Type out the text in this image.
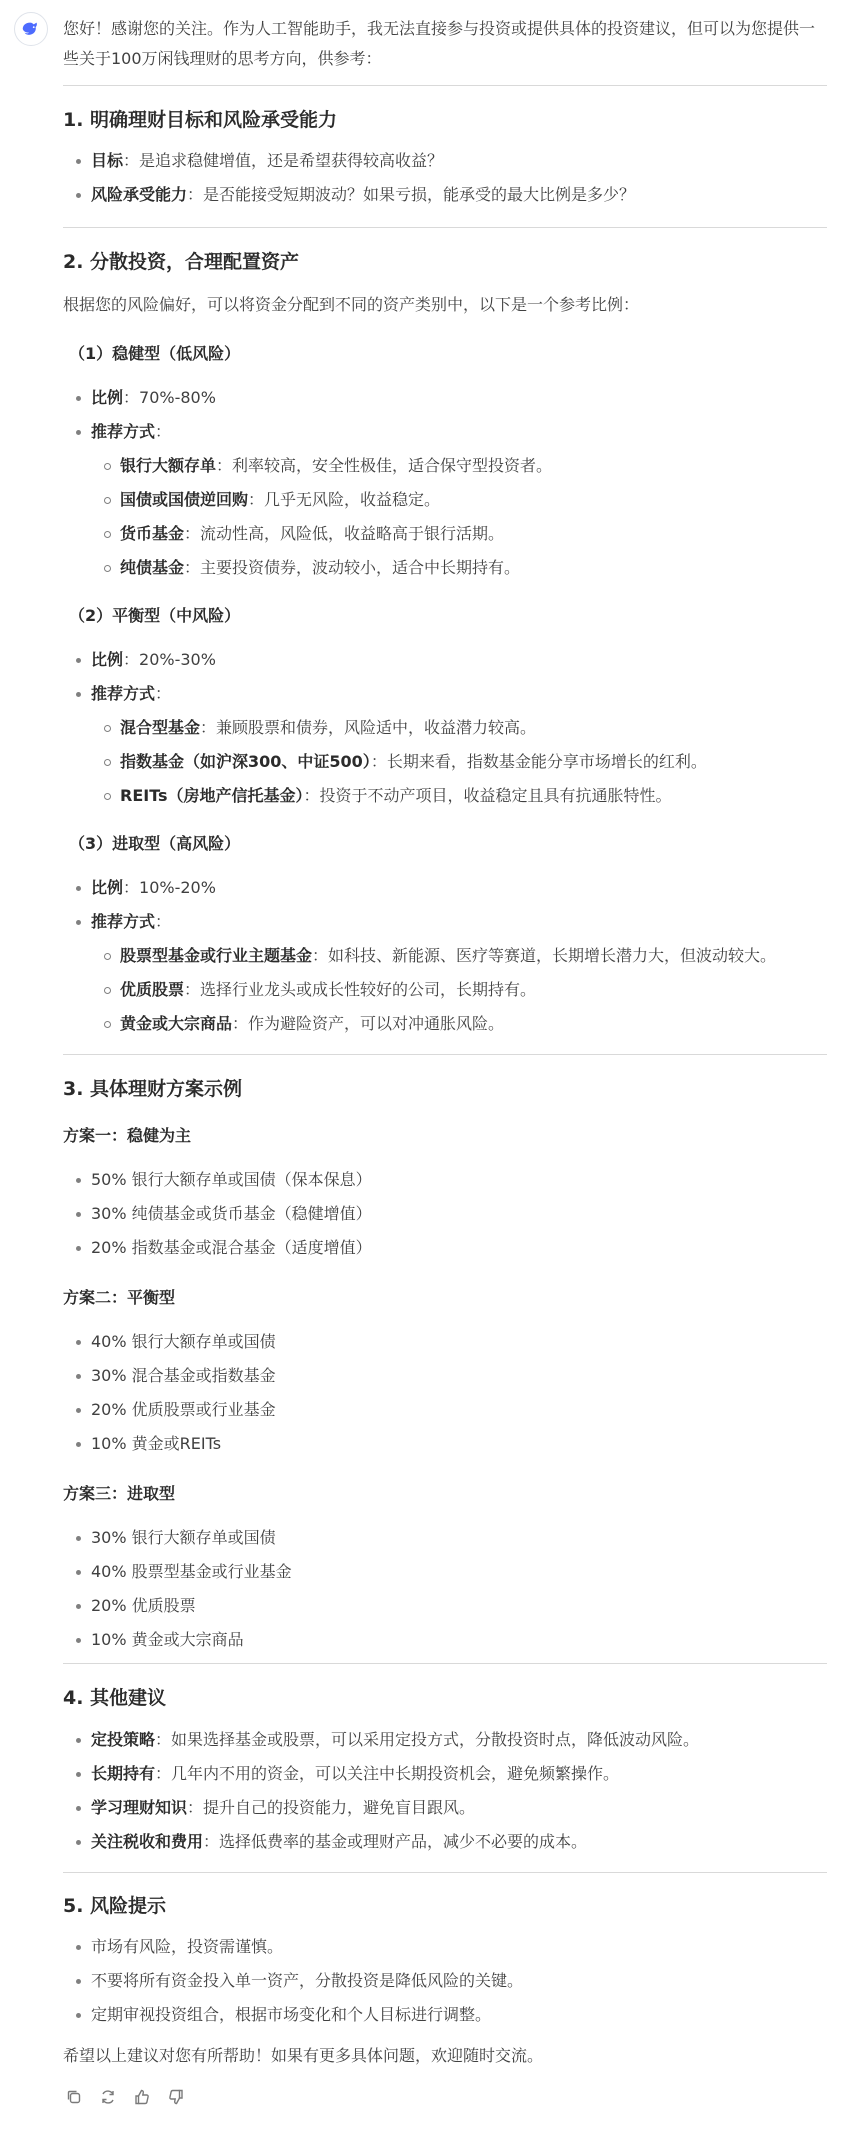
您好！感谢您的关注。作为人工智能助手，我无法直接参与投资或提供具体的投资建议，但可以为您提供一些关于100万闲钱理财的思考方向，供参考：
1. 明确理财目标和风险承受能力
目标：是追求稳健增值，还是希望获得较高收益？
风险承受能力：是否能接受短期波动？如果亏损，能承受的最大比例是多少？
2. 分散投资，合理配置资产
根据您的风险偏好，可以将资金分配到不同的资产类别中，以下是一个参考比例：
（1）稳健型（低风险）
比例：70%-80%
推荐方式：
银行大额存单：利率较高，安全性极佳，适合保守型投资者。
国债或国债逆回购：几乎无风险，收益稳定。
货币基金：流动性高，风险低，收益略高于银行活期。
纯债基金：主要投资债券，波动较小，适合中长期持有。
（2）平衡型（中风险）
比例：20%-30%
推荐方式：
混合型基金：兼顾股票和债券，风险适中，收益潜力较高。
指数基金（如沪深300、中证500）：长期来看，指数基金能分享市场增长的红利。
REITs（房地产信托基金）：投资于不动产项目，收益稳定且具有抗通胀特性。
（3）进取型（高风险）
比例：10%-20%
推荐方式：
股票型基金或行业主题基金：如科技、新能源、医疗等赛道，长期增长潜力大，但波动较大。
优质股票：选择行业龙头或成长性较好的公司，长期持有。
黄金或大宗商品：作为避险资产，可以对冲通胀风险。
3. 具体理财方案示例
方案一：稳健为主
50% 银行大额存单或国债（保本保息）
30% 纯债基金或货币基金（稳健增值）
20% 指数基金或混合基金（适度增值）
方案二：平衡型
40% 银行大额存单或国债
30% 混合基金或指数基金
20% 优质股票或行业基金
10% 黄金或REITs
方案三：进取型
30% 银行大额存单或国债
40% 股票型基金或行业基金
20% 优质股票
10% 黄金或大宗商品
4. 其他建议
定投策略：如果选择基金或股票，可以采用定投方式，分散投资时点，降低波动风险。
长期持有：几年内不用的资金，可以关注中长期投资机会，避免频繁操作。
学习理财知识：提升自己的投资能力，避免盲目跟风。
关注税收和费用：选择低费率的基金或理财产品，减少不必要的成本。
5. 风险提示
市场有风险，投资需谨慎。
不要将所有资金投入单一资产，分散投资是降低风险的关键。
定期审视投资组合，根据市场变化和个人目标进行调整。
希望以上建议对您有所帮助！如果有更多具体问题，欢迎随时交流。
